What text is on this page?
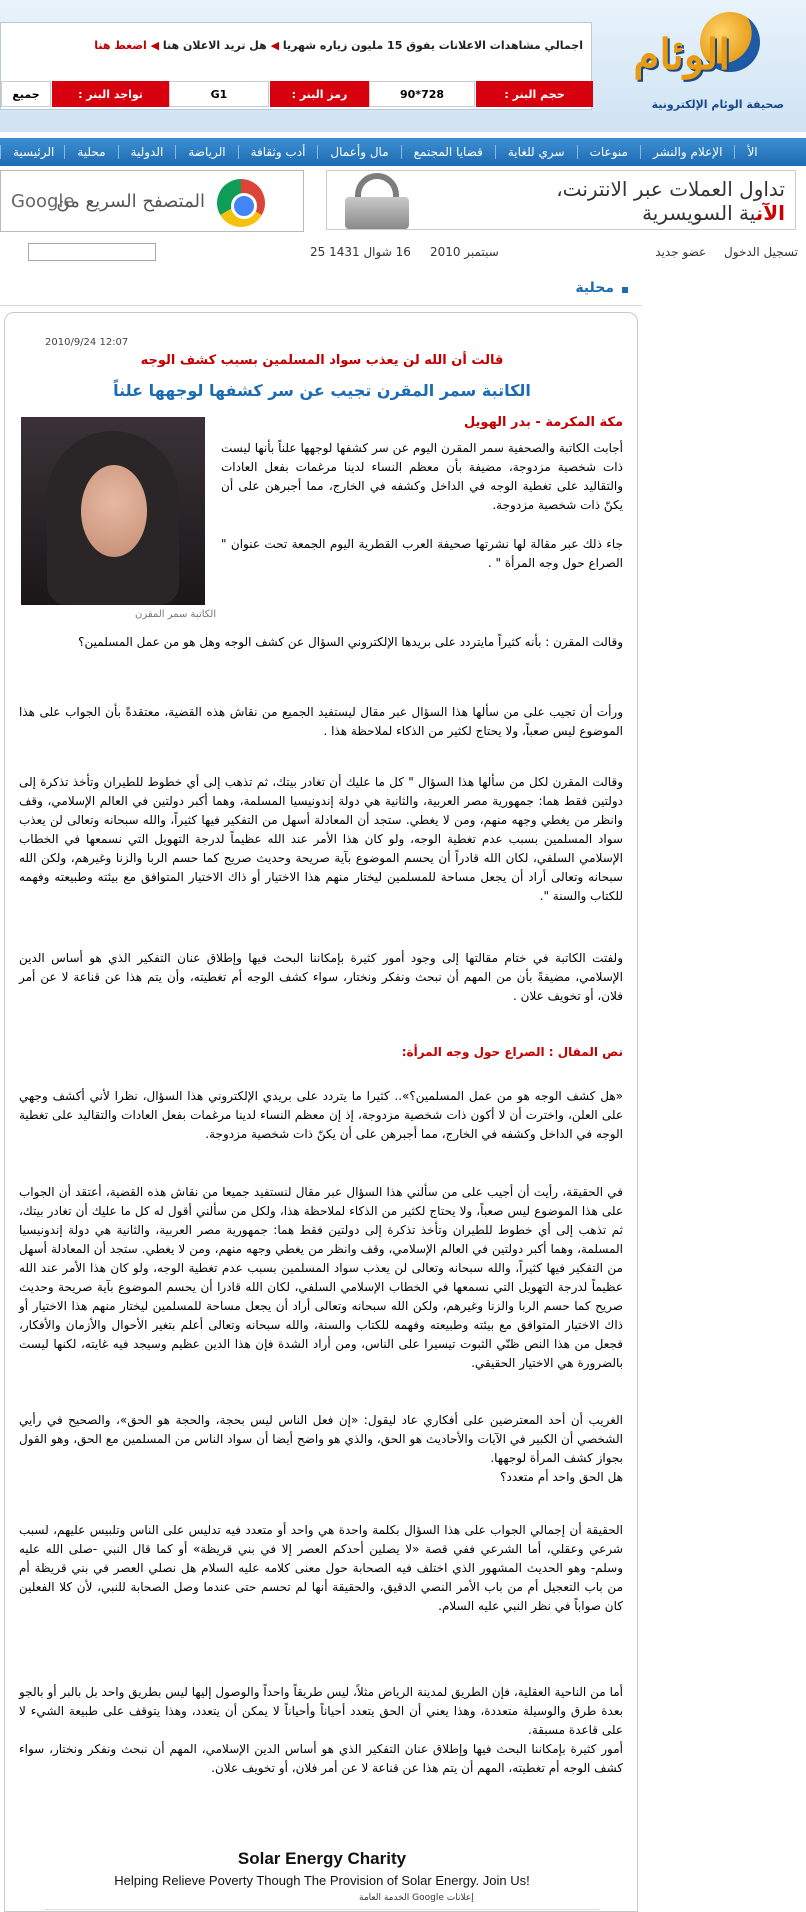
اجمالي مشاهدات الاعلانات يفوق 15 مليون زياره شهريا ◀ هل تريد الاعلان هنا ◀ اضغط هنا
حجم البنر :
728*90
رمز البنر :
G1
تواجد البنر :
جميع
الوئام
صحيفة الوئام الإلكترونية
الرئيسية	محلية	الدولية	الرياضة	أدب وثقافة	مال وأعمال	قضايا المجتمع	سري للغاية	منوعات	الإعلام والنشر	الأ
المتصفح السريع من
Google
تداول العملات عبر الانترنت،
الآنية السويسرية
25 سبتمبر 2010     16 شوال 1431	تسجيل الدخول عضو جديد
محلية
2010/9/24 12:07
قالت أن الله لن يعذب سواد المسلمين بسبب كشف الوجه
الكاتبة سمر المقرن تجيب عن سر كشفها لوجهها علناً
مكة المكرمة - بدر الهويل
الكاتبة سمر المقرن
أجابت الكاتبة والصحفية سمر المقرن اليوم عن سر كشفها لوجهها علناً بأنها ليست ذات شخصية مزدوجة، مضيفة بأن معظم النساء لدينا مرغمات بفعل العادات والتقاليد على تغطية الوجه في الداخل وكشفه في الخارج، مما أجبرهن على أن يكنّ ذات شخصية مزدوجة.
جاء ذلك عبر مقالة لها نشرتها صحيفة العرب القطرية اليوم الجمعة تحت عنوان " الصراع حول وجه المرأة " .
وقالت المقرن : بأنه كثيراً مايتردد على بريدها الإلكتروني السؤال عن كشف الوجه وهل هو من عمل المسلمين؟
ورأت أن تجيب على من سألها هذا السؤال عبر مقال ليستفيد الجميع من نقاش هذه القضية، معتقدةً بأن الجواب على هذا الموضوع ليس صعباً، ولا يحتاج لكثير من الذكاء لملاحظة هذا .
وقالت المقرن لكل من سألها هذا السؤال " كل ما عليك أن تغادر بيتك، ثم تذهب إلى أي خطوط للطيران وتأخذ تذكرة إلى دولتين فقط هما: جمهورية مصر العربية، والثانية هي دولة إندونيسيا المسلمة، وهما أكبر دولتين في العالم الإسلامي، وقف وانظر من يغطي وجهه منهم، ومن لا يغطي. ستجد أن المعادلة أسهل من التفكير فيها كثيراً، والله سبحانه وتعالى لن يعذب سواد المسلمين بسبب عدم تغطية الوجه، ولو كان هذا الأمر عند الله عظيماً لدرجة التهويل التي نسمعها في الخطاب الإسلامي السلفي، لكان الله قادراً أن يحسم الموضوع بآية صريحة وحديث صريح كما حسم الربا والزنا وغيرهم، ولكن الله سبحانه وتعالى أراد أن يجعل مساحة للمسلمين ليختار منهم هذا الاختيار أو ذاك الاختيار المتوافق مع بيئته وطبيعته وفهمه للكتاب والسنة ".
ولفتت الكاتبة في ختام مقالتها إلى وجود أمور كثيرة بإمكاننا البحث فيها وإطلاق عنان التفكير الذي هو أساس الدين الإسلامي، مضيفةً بأن من المهم أن نبحث ونفكر ونختار، سواء كشف الوجه أم تغطيته، وأن يتم هذا عن قناعة لا عن أمر فلان، أو تخويف علان .
نص المقال : الصراع حول وجه المرأة:
«هل كشف الوجه هو من عمل المسلمين؟».. كثيرا ما يتردد على بريدي الإلكتروني هذا السؤال، نظرا لأني أكشف وجهي على العلن، واخترت أن لا أكون ذات شخصية مزدوجة، إذ إن معظم النساء لدينا مرغمات بفعل العادات والتقاليد على تغطية الوجه في الداخل وكشفه في الخارج، مما أجبرهن على أن يكنّ ذات شخصية مزدوجة.
في الحقيقة، رأيت أن أجيب على من سألني هذا السؤال عبر مقال لنستفيد جميعا من نقاش هذه القضية، أعتقد أن الجواب على هذا الموضوع ليس صعباً، ولا يحتاج لكثير من الذكاء لملاحظة هذا، ولكل من سألني أقول له كل ما عليك أن تغادر بيتك، ثم تذهب إلى أي خطوط للطيران وتأخذ تذكرة إلى دولتين فقط هما: جمهورية مصر العربية، والثانية هي دولة إندونيسيا المسلمة، وهما أكبر دولتين في العالم الإسلامي، وقف وانظر من يغطي وجهه منهم، ومن لا يغطي. ستجد أن المعادلة أسهل من التفكير فيها كثيراً، والله سبحانه وتعالى لن يعذب سواد المسلمين بسبب عدم تغطية الوجه، ولو كان هذا الأمر عند الله عظيماً لدرجة التهويل التي نسمعها في الخطاب الإسلامي السلفي، لكان الله قادرا أن يحسم الموضوع بآية صريحة وحديث صريح كما حسم الربا والزنا وغيرهم، ولكن الله سبحانه وتعالى أراد أن يجعل مساحة للمسلمين ليختار منهم هذا الاختيار أو ذاك الاختيار المتوافق مع بيئته وطبيعته وفهمه للكتاب والسنة، والله سبحانه وتعالى أعلم بتغير الأحوال والأزمان والأفكار، فجعل من هذا النص ظنّي الثبوت تيسيرا على الناس، ومن أراد الشدة فإن هذا الدين عظيم وسيجد فيه غايته، لكنها ليست بالضرورة هي الاختيار الحقيقي.
الغريب أن أحد المعترضين على أفكاري عاد ليقول: «إن فعل الناس ليس بحجة، والحجة هو الحق»، والصحيح في رأيي الشخصي أن الكبير في الآيات والأحاديث هو الحق، والذي هو واضح أيضا أن سواد الناس من المسلمين مع الحق، وهو القول بجواز كشف المرأة لوجهها.
هل الحق واحد أم متعدد؟
الحقيقة أن إجمالي الجواب على هذا السؤال بكلمة واحدة هي واحد أو متعدد فيه تدليس على الناس وتلبيس عليهم، لسبب شرعي وعقلي، أما الشرعي ففي قصة «لا يصلين أحدكم العصر إلا في بني قريظة» أو كما قال النبي -صلى الله عليه وسلم- وهو الحديث المشهور الذي اختلف فيه الصحابة حول معنى كلامه عليه السلام هل نصلي العصر في بني قريظة أم من باب التعجيل أم من باب الأمر النصي الدقيق، والحقيقة أنها لم تحسم حتى عندما وصل الصحابة للنبي، لأن كلا الفعلين كان صواباً في نظر النبي عليه السلام.
أما من الناحية العقلية، فإن الطريق لمدينة الرياض مثلاً، ليس طريقاً واحداً والوصول إليها ليس بطريق واحد بل بالبر أو بالجو بعدة طرق والوسيلة متعددة، وهذا يعني أن الحق يتعدد أحياناً وأحياناً لا يمكن أن يتعدد، وهذا يتوقف على طبيعة الشيء لا على قاعدة مسبقة.
أمور كثيرة بإمكاننا البحث فيها وإطلاق عنان التفكير الذي هو أساس الدين الإسلامي، المهم أن نبحث ونفكر ونختار، سواء كشف الوجه أم تغطيته، المهم أن يتم هذا عن قناعة لا عن أمر فلان، أو تخويف علان.
Solar Energy Charity
Helping Relieve Poverty Though The Provision of Solar Energy. Join Us!
إعلانات Google الخدمة العامة
